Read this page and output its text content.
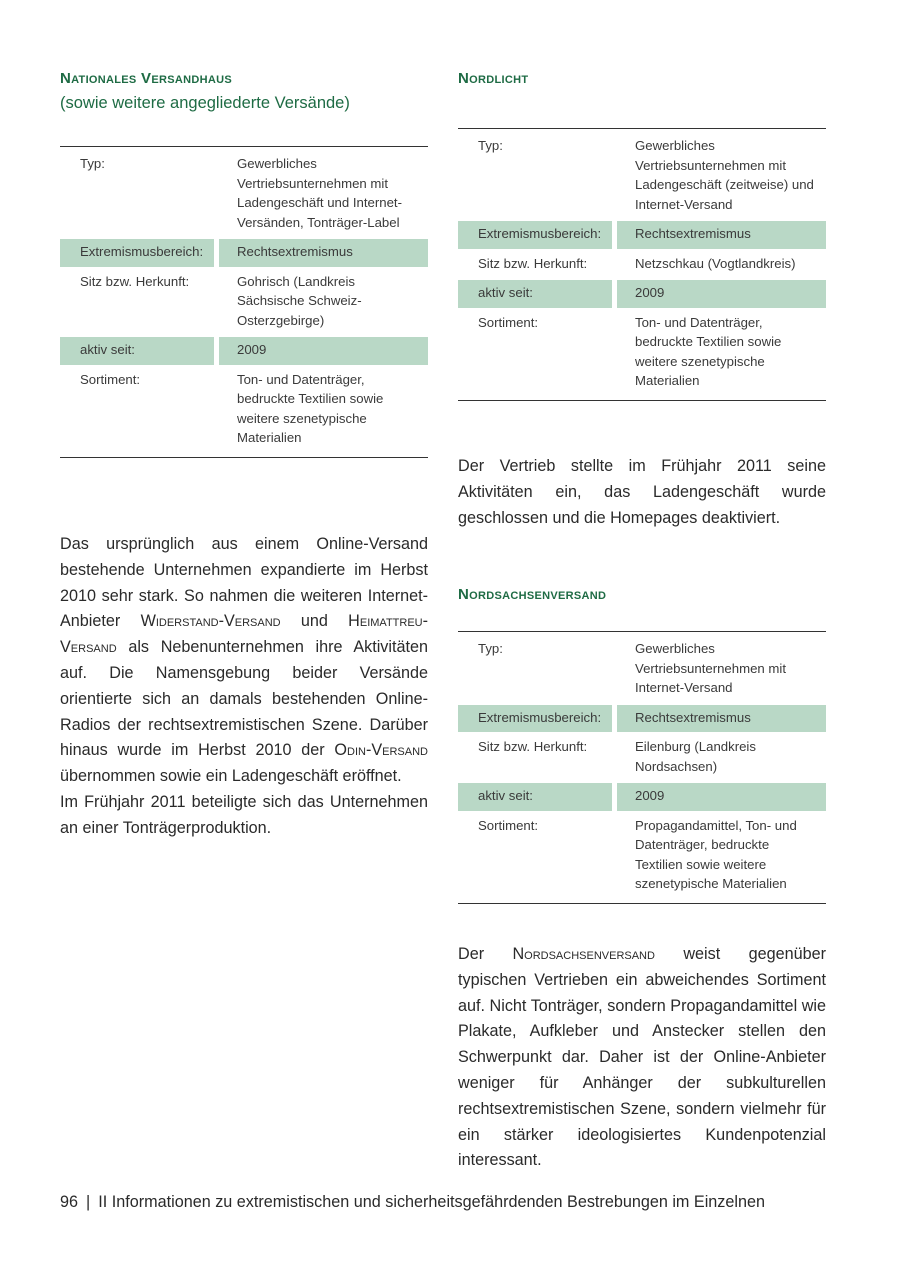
Nationales Versandhaus
(sowie weitere angegliederte Versände)
Typ:	Gewerbliches Vertriebsunternehmen mit Ladengeschäft und Internet-Versänden, Tonträger-Label
Extremismusbereich:	Rechtsextremismus
Sitz bzw. Herkunft:	Gohrisch (Landkreis Sächsische Schweiz-Osterzgebirge)
aktiv seit:	2009
Sortiment:	Ton- und Datenträger, bedruckte Textilien sowie weitere szenetypische Materialien
Das ursprünglich aus einem Online-Versand bestehende Unternehmen expandierte im Herbst 2010 sehr stark. So nahmen die weiteren Internet-Anbieter Widerstand-Versand und Heimattreu-Versand als Nebenunternehmen ihre Aktivitäten auf. Die Namensgebung beider Versände orientierte sich an damals bestehenden Online-Radios der rechtsextremistischen Szene. Darüber hinaus wurde im Herbst 2010 der Odin-Versand übernommen sowie ein Ladengeschäft eröffnet.
Im Frühjahr 2011 beteiligte sich das Unternehmen an einer Tonträgerproduktion.
Nordlicht
Typ:	Gewerbliches Vertriebsunternehmen mit Ladengeschäft (zeitweise) und Internet-Versand
Extremismusbereich:	Rechtsextremismus
Sitz bzw. Herkunft:	Netzschkau (Vogtlandkreis)
aktiv seit:	2009
Sortiment:	Ton- und Datenträger, bedruckte Textilien sowie weitere szenetypische Materialien
Der Vertrieb stellte im Frühjahr 2011 seine Aktivitäten ein, das Ladengeschäft wurde geschlossen und die Homepages deaktiviert.
Nordsachsenversand
Typ:	Gewerbliches Vertriebsunternehmen mit Internet-Versand
Extremismusbereich:	Rechtsextremismus
Sitz bzw. Herkunft:	Eilenburg (Landkreis Nordsachsen)
aktiv seit:	2009
Sortiment:	Propagandamittel, Ton- und Datenträger, bedruckte Textilien sowie weitere szenetypische Materialien
Der Nordsachsenversand weist gegenüber typischen Vertrieben ein abweichendes Sortiment auf. Nicht Tonträger, sondern Propagandamittel wie Plakate, Aufkleber und Anstecker stellen den Schwerpunkt dar. Daher ist der Online-Anbieter weniger für Anhänger der subkulturellen rechtsextremistischen Szene, sondern vielmehr für ein stärker ideologisiertes Kundenpotenzial interessant.
96 | II Informationen zu extremistischen und sicherheitsgefährdenden Bestrebungen im Einzelnen
